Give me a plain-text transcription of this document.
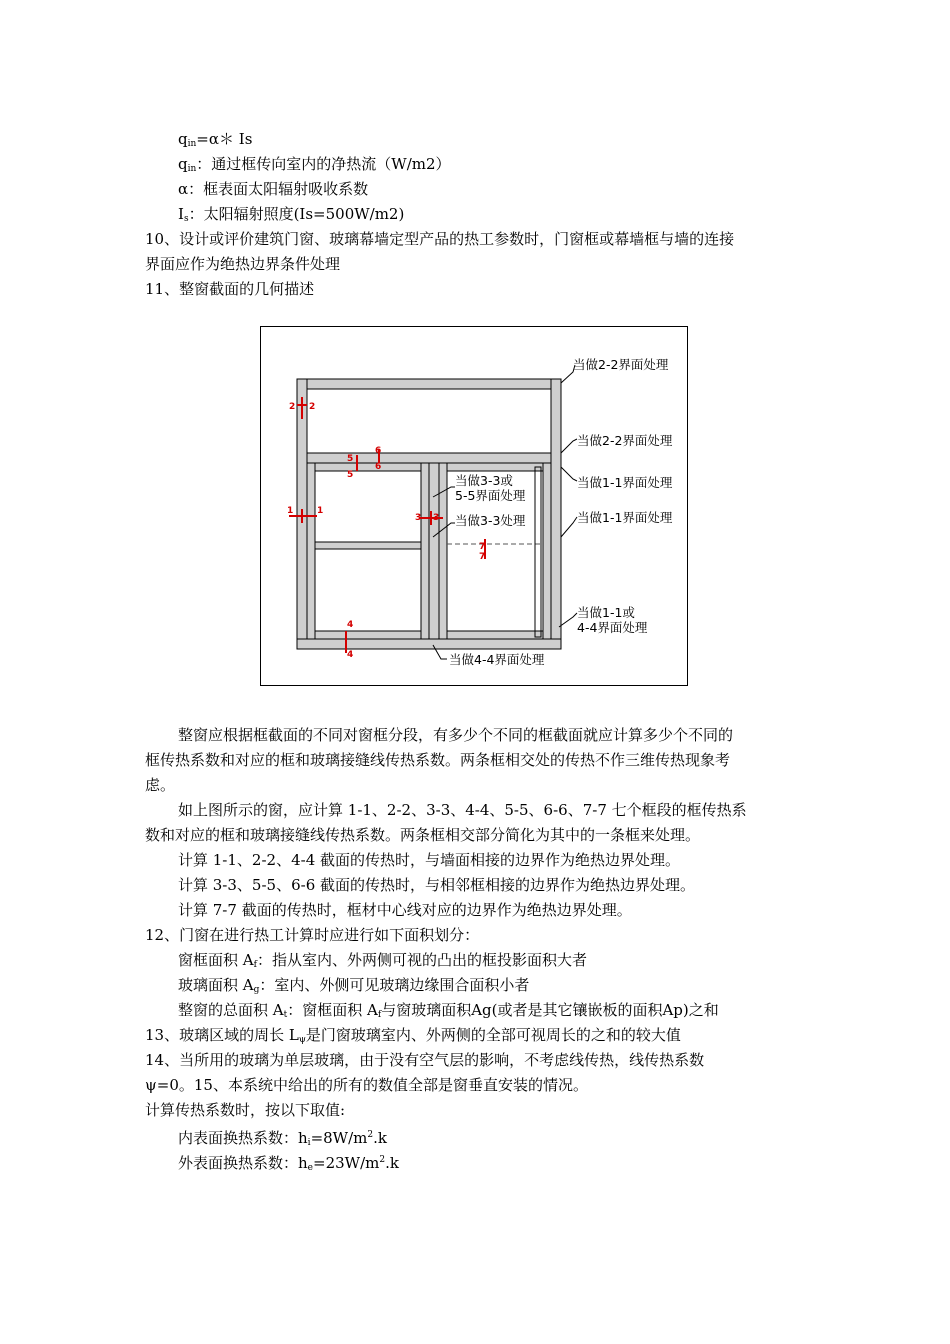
$q_{in}=\alpha*$ Is
$q_{in}$：通过框传向室内的净热流（W/m2）
α：框表面太阳辐射吸收系数
$I_s$：太阳辐射照度(Is=500W/m2)
10、设计或评价建筑门窗、玻璃幕墙定型产品的热工参数时，门窗框或幕墙框与墙的连接
界面应作为绝热边界条件处理
11、整窗截面的几何描述
2 2
1	1
3 3
4
4
5
5
6
6
7
7
当做2-2界面处理
当做2-2界面处理
当做1-1界面处理
当做1-1界面处理
当做1-1或
4-4界面处理
当做4-4界面处理
当做3-3或
5-5界面处理
当做3-3处理
整窗应根据框截面的不同对窗框分段，有多少个不同的框截面就应计算多少个不同的
框传热系数和对应的框和玻璃接缝线传热系数。两条框相交处的传热不作三维传热现象考
虑。
如上图所示的窗，应计算 1-1、2-2、3-3、4-4、5-5、6-6、7-7 七个框段的框传热系
数和对应的框和玻璃接缝线传热系数。两条框相交部分简化为其中的一条框来处理。
计算 1-1、2-2、4-4 截面的传热时，与墙面相接的边界作为绝热边界处理。
计算 3-3、5-5、6-6 截面的传热时，与相邻框相接的边界作为绝热边界处理。
计算 7-7 截面的传热时，框材中心线对应的边界作为绝热边界处理。
12、门窗在进行热工计算时应进行如下面积划分：
窗框面积 $A_f$：指从室内、外两侧可视的凸出的框投影面积大者
玻璃面积 $A_g$：室内、外侧可见玻璃边缘围合面积小者
整窗的总面积 $A_t$：窗框面积 $A_f$与窗玻璃面积Ag(或者是其它镶嵌板的面积Ap)之和
13、玻璃区域的周长 $L_\psi$是门窗玻璃室内、外两侧的全部可视周长的之和的较大值
14、当所用的玻璃为单层玻璃，由于没有空气层的影响，不考虑线传热，线传热系数
ψ=0。15、本系统中给出的所有的数值全部是窗垂直安装的情况。
计算传热系数时，按以下取值:
内表面换热系数：$h_i=8W/m^2.k$
外表面换热系数：$h_e=23W/m^2.k$
